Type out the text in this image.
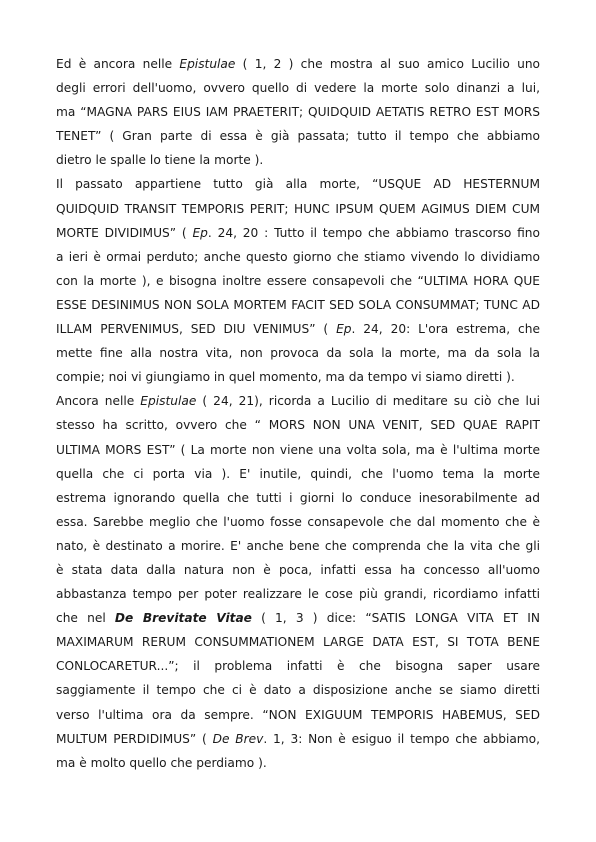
Ed è ancora nelle Epistulae ( 1, 2 ) che mostra al suo amico Lucilio uno
degli errori dell'uomo, ovvero quello di vedere la morte solo dinanzi a lui,
ma “MAGNA PARS EIUS IAM PRAETERIT; QUIDQUID AETATIS RETRO EST MORS
TENET” ( Gran parte di essa è già passata; tutto il tempo che abbiamo
dietro le spalle lo tiene la morte ).
Il passato appartiene tutto già alla morte, “USQUE AD HESTERNUM
QUIDQUID TRANSIT TEMPORIS PERIT; HUNC IPSUM QUEM AGIMUS DIEM CUM
MORTE DIVIDIMUS” ( Ep. 24, 20 : Tutto il tempo che abbiamo trascorso fino
a ieri è ormai perduto; anche questo giorno che stiamo vivendo lo dividiamo
con la morte ), e bisogna inoltre essere consapevoli che “ULTIMA HORA QUE
ESSE DESINIMUS NON SOLA MORTEM FACIT SED SOLA CONSUMMAT; TUNC AD
ILLAM PERVENIMUS, SED DIU VENIMUS” ( Ep. 24, 20: L'ora estrema, che
mette fine alla nostra vita, non provoca da sola la morte, ma da sola la
compie; noi vi giungiamo in quel momento, ma da tempo vi siamo diretti ).
Ancora nelle Epistulae ( 24, 21), ricorda a Lucilio di meditare su ciò che lui
stesso ha scritto, ovvero che “ MORS NON UNA VENIT, SED QUAE RAPIT
ULTIMA MORS EST” ( La morte non viene una volta sola, ma è l'ultima morte
quella che ci porta via ). E' inutile, quindi, che l'uomo tema la morte
estrema ignorando quella che tutti i giorni lo conduce inesorabilmente ad
essa. Sarebbe meglio che l'uomo fosse consapevole che dal momento che è
nato, è destinato a morire. E' anche bene che comprenda che la vita che gli
è stata data dalla natura non è poca, infatti essa ha concesso all'uomo
abbastanza tempo per poter realizzare le cose più grandi, ricordiamo infatti
che nel De Brevitate Vitae ( 1, 3 ) dice: “SATIS LONGA VITA ET IN
MAXIMARUM RERUM CONSUMMATIONEM LARGE DATA EST, SI TOTA BENE
CONLOCARETUR...”; il problema infatti è che bisogna saper usare
saggiamente il tempo che ci è dato a disposizione anche se siamo diretti
verso l'ultima ora da sempre. “NON EXIGUUM TEMPORIS HABEMUS, SED
MULTUM PERDIDIMUS” ( De Brev. 1, 3: Non è esiguo il tempo che abbiamo,
ma è molto quello che perdiamo ).
